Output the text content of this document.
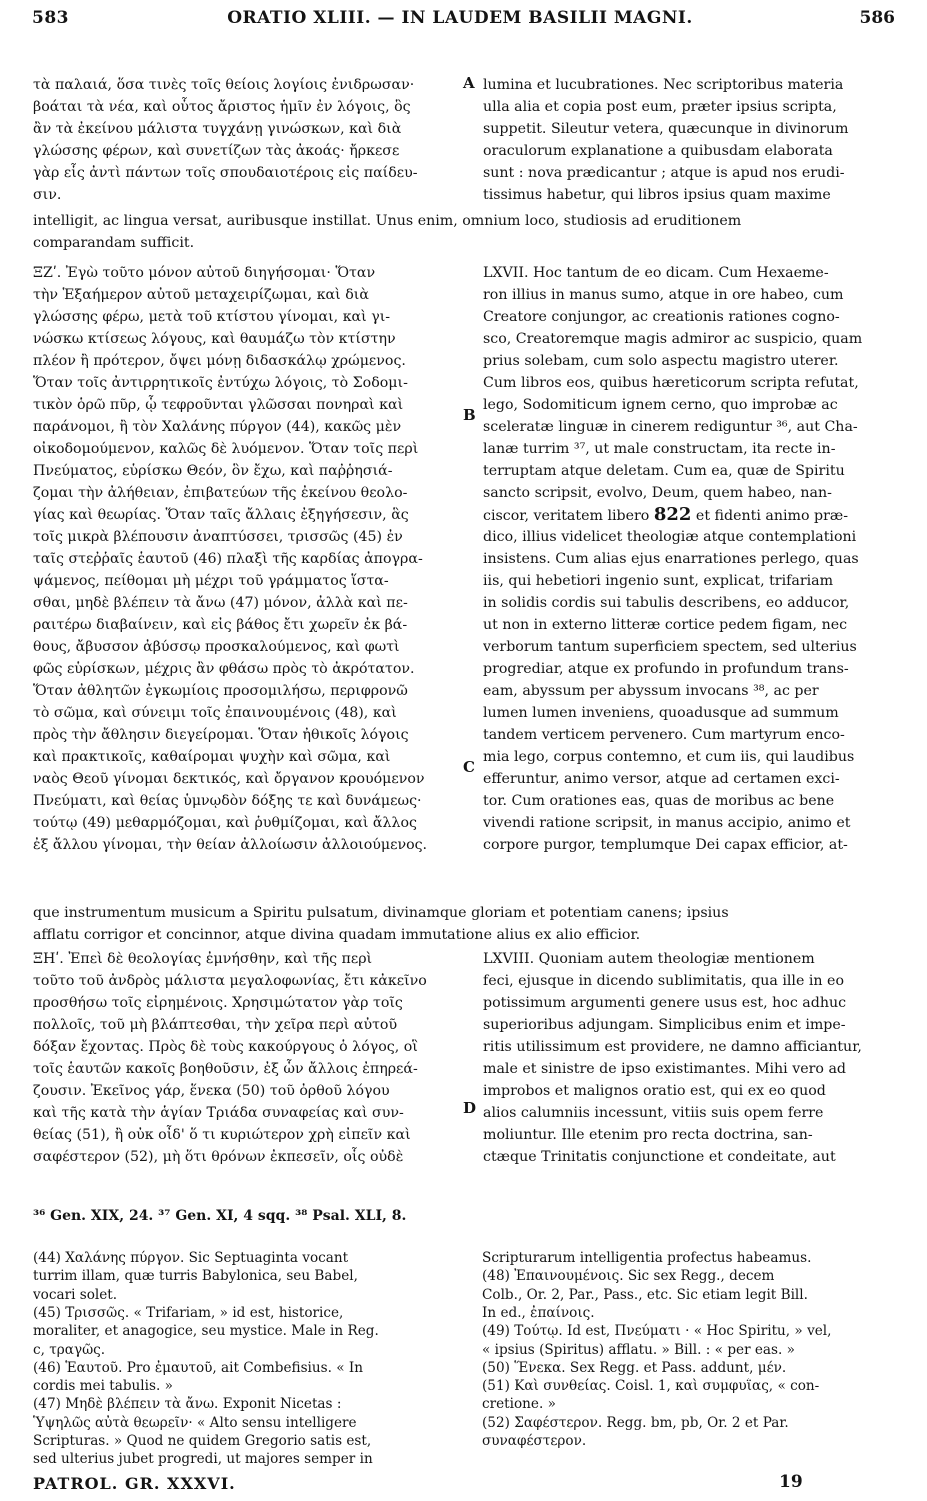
583	ORATIO XLIII. — IN LAUDEM BASILII MAGNI.	586
τὰ παλαιά, ὅσα τινὲς τοῖς θείοις λογίοις ἐνιδρωσαν·
βοάται τὰ νέα, καὶ οὗτος ἄριστος ἡμῖν ἐν λόγοις, ὃς
ἂν τὰ ἐκείνου μάλιστα τυγχάνῃ γινώσκων, καὶ διὰ
γλώσσης φέρων, καὶ συνετίζων τὰς ἀκοάς· ἤρκεσε
γὰρ εἷς ἀντὶ πάντων τοῖς σπουδαιοτέροις εἰς παίδευ-
σιν.
lumina et lucubrationes. Nec scriptoribus materia
ulla alia et copia post eum, præter ipsius scripta,
suppetit. Sileutur vetera, quæcunque in divinorum
oraculorum explanatione a quibusdam elaborata
sunt : nova prædicantur ; atque is apud nos erudi-
tissimus habetur, qui libros ipsius quam maxime
intelligit, ac lingua versat, auribusque instillat. Unus enim, omnium loco, studiosis ad eruditionem
comparandam sufficit.
ΞΖʹ. Ἐγὼ τοῦτο μόνον αὐτοῦ διηγήσομαι· Ὅταν
τὴν Ἑξαήμερον αὐτοῦ μεταχειρίζωμαι, καὶ διὰ
γλώσσης φέρω, μετὰ τοῦ κτίστου γίνομαι, καὶ γι-
νώσκω κτίσεως λόγους, καὶ θαυμάζω τὸν κτίστην
πλέον ἢ πρότερον, ὄψει μόνῃ διδασκάλῳ χρώμενος.
Ὅταν τοῖς ἀντιρρητικοῖς ἐντύχω λόγοις, τὸ Σοδομι-
τικὸν ὁρῶ πῦρ, ᾧ τεφροῦνται γλῶσσαι πονηραὶ καὶ
παράνομοι, ἢ τὸν Χαλάνης πύργον (44), κακῶς μὲν
οἰκοδομούμενον, καλῶς δὲ λυόμενον. Ὅταν τοῖς περὶ
Πνεύματος, εὑρίσκω Θεόν, ὃν ἔχω, καὶ παῤῥησιά-
ζομαι τὴν ἀλήθειαν, ἐπιβατεύων τῆς ἐκείνου θεολο-
γίας καὶ θεωρίας. Ὅταν ταῖς ἄλλαις ἐξηγήσεσιν, ἃς
τοῖς μικρὰ βλέπουσιν ἀναπτύσσει, τρισσῶς (45) ἐν
ταῖς στεῤῥαῖς ἑαυτοῦ (46) πλαξὶ τῆς καρδίας ἀπογρα-
ψάμενος, πείθομαι μὴ μέχρι τοῦ γράμματος ἵστα-
σθαι, μηδὲ βλέπειν τὰ ἄνω (47) μόνον, ἀλλὰ καὶ πε-
ραιτέρω διαβαίνειν, καὶ εἰς βάθος ἔτι χωρεῖν ἐκ βά-
θους, ἄβυσσον ἀβύσσῳ προσκαλούμενος, καὶ φωτὶ
φῶς εὑρίσκων, μέχρις ἂν φθάσω πρὸς τὸ ἀκρότατον.
Ὅταν ἀθλητῶν ἐγκωμίοις προσομιλήσω, περιφρονῶ
τὸ σῶμα, καὶ σύνειμι τοῖς ἐπαινουμένοις (48), καὶ
πρὸς τὴν ἄθλησιν διεγείρομαι. Ὅταν ἠθικοῖς λόγοις
καὶ πρακτικοῖς, καθαίρομαι ψυχὴν καὶ σῶμα, καὶ
ναὸς Θεοῦ γίνομαι δεκτικός, καὶ ὄργανον κρουόμενον
Πνεύματι, καὶ θείας ὑμνῳδὸν δόξης τε καὶ δυνάμεως·
τούτῳ (49) μεθαρμόζομαι, καὶ ῥυθμίζομαι, καὶ ἄλλος
ἐξ ἄλλου γίνομαι, τὴν θείαν ἀλλοίωσιν ἀλλοιούμενος.
LXVII. Hoc tantum de eo dicam. Cum Hexaeme-
ron illius in manus sumo, atque in ore habeo, cum
Creatore conjungor, ac creationis rationes cogno-
sco, Creatoremque magis admiror ac suspicio, quam
prius solebam, cum solo aspectu magistro uterer.
Cum libros eos, quibus hæreticorum scripta refutat,
lego, Sodomiticum ignem cerno, quo improbæ ac
sceleratæ linguæ in cinerem rediguntur ³⁶, aut Cha-
lanæ turrim ³⁷, ut male constructam, ita recte in-
terruptam atque deletam. Cum ea, quæ de Spiritu
sancto scripsit, evolvo, Deum, quem habeo, nan-
ciscor, veritatem libero 822 et fidenti animo præ-
dico, illius videlicet theologiæ atque contemplationi
insistens. Cum alias ejus enarrationes perlego, quas
iis, qui hebetiori ingenio sunt, explicat, trifariam
in solidis cordis sui tabulis describens, eo adducor,
ut non in externo litteræ cortice pedem figam, nec
verborum tantum superficiem spectem, sed ulterius
progrediar, atque ex profundo in profundum trans-
eam, abyssum per abyssum invocans ³⁸, ac per
lumen lumen inveniens, quoadusque ad summum
tandem verticem pervenero. Cum martyrum enco-
mia lego, corpus contemno, et cum iis, qui laudibus
efferuntur, animo versor, atque ad certamen exci-
tor. Cum orationes eas, quas de moribus ac bene
vivendi ratione scripsit, in manus accipio, animo et
corpore purgor, templumque Dei capax efficior, at-
que instrumentum musicum a Spiritu pulsatum, divinamque gloriam et potentiam canens; ipsius
afflatu corrigor et concinnor, atque divina quadam immutatione alius ex alio efficior.
ΞΗʹ. Ἐπεὶ δὲ θεολογίας ἐμνήσθην, καὶ τῆς περὶ
τοῦτο τοῦ ἀνδρὸς μάλιστα μεγαλοφωνίας, ἔτι κἀκεῖνο
προσθήσω τοῖς εἰρημένοις. Χρησιμώτατον γὰρ τοῖς
πολλοῖς, τοῦ μὴ βλάπτεσθαι, τὴν χεῖρα περὶ αὐτοῦ
δόξαν ἔχοντας. Πρὸς δὲ τοὺς κακούργους ὁ λόγος, οἳ
τοῖς ἑαυτῶν κακοῖς βοηθοῦσιν, ἐξ ὧν ἄλλοις ἐπηρεά-
ζουσιν. Ἐκεῖνος γάρ, ἕνεκα (50) τοῦ ὀρθοῦ λόγου
καὶ τῆς κατὰ τὴν ἁγίαν Τριάδα συναφείας καὶ συν-
θείας (51), ἢ οὐκ οἶδ' ὅ τι κυριώτερον χρὴ εἰπεῖν καὶ
σαφέστερον (52), μὴ ὅτι θρόνων ἐκπεσεῖν, οἷς οὐδὲ
LXVIII. Quoniam autem theologiæ mentionem
feci, ejusque in dicendo sublimitatis, qua ille in eo
potissimum argumenti genere usus est, hoc adhuc
superioribus adjungam. Simplicibus enim et impe-
ritis utilissimum est providere, ne damno afficiantur,
male et sinistre de ipso existimantes. Mihi vero ad
improbos et malignos oratio est, qui ex eo quod
alios calumniis incessunt, vitiis suis opem ferre
moliuntur. Ille etenim pro recta doctrina, san-
ctæque Trinitatis conjunctione et condeitate, aut
A
B
C
D
³⁶ Gen. XIX, 24. ³⁷ Gen. XI, 4 sqq. ³⁸ Psal. XLI, 8.
(44) Χαλάνης πύργον. Sic Septuaginta vocant
turrim illam, quæ turris Babylonica, seu Babel,
vocari solet.
(45) Τρισσῶς. « Trifariam, » id est, historice,
moraliter, et anagogice, seu mystice. Male in Reg.
c, τραγῶς.
(46) Ἑαυτοῦ. Pro ἐμαυτοῦ, ait Combefisius. « In
cordis mei tabulis. »
(47) Μηδὲ βλέπειν τὰ ἄνω. Exponit Nicetas :
Ὑψηλῶς αὐτὰ θεωρεῖν· « Alto sensu intelligere
Scripturas. » Quod ne quidem Gregorio satis est,
sed ulterius jubet progredi, ut majores semper in
Scripturarum intelligentia profectus habeamus.
(48) Ἐπαινουμένοις. Sic sex Regg., decem
Colb., Or. 2, Par., Pass., etc. Sic etiam legit Bill.
In ed., ἐπαίνοις.
(49) Τούτῳ. Id est, Πνεύματι · « Hoc Spiritu, » vel,
« ipsius (Spiritus) afflatu. » Bill. : « per eas. »
(50) Ἕνεκα. Sex Regg. et Pass. addunt, μέν.
(51) Καὶ συνθείας. Coisl. 1, καὶ συμφυΐας, « con-
cretione. »
(52) Σαφέστερον. Regg. bm, pb, Or. 2 et Par.
συναφέστερον.
PATROL. GR. XXXVI.	19
